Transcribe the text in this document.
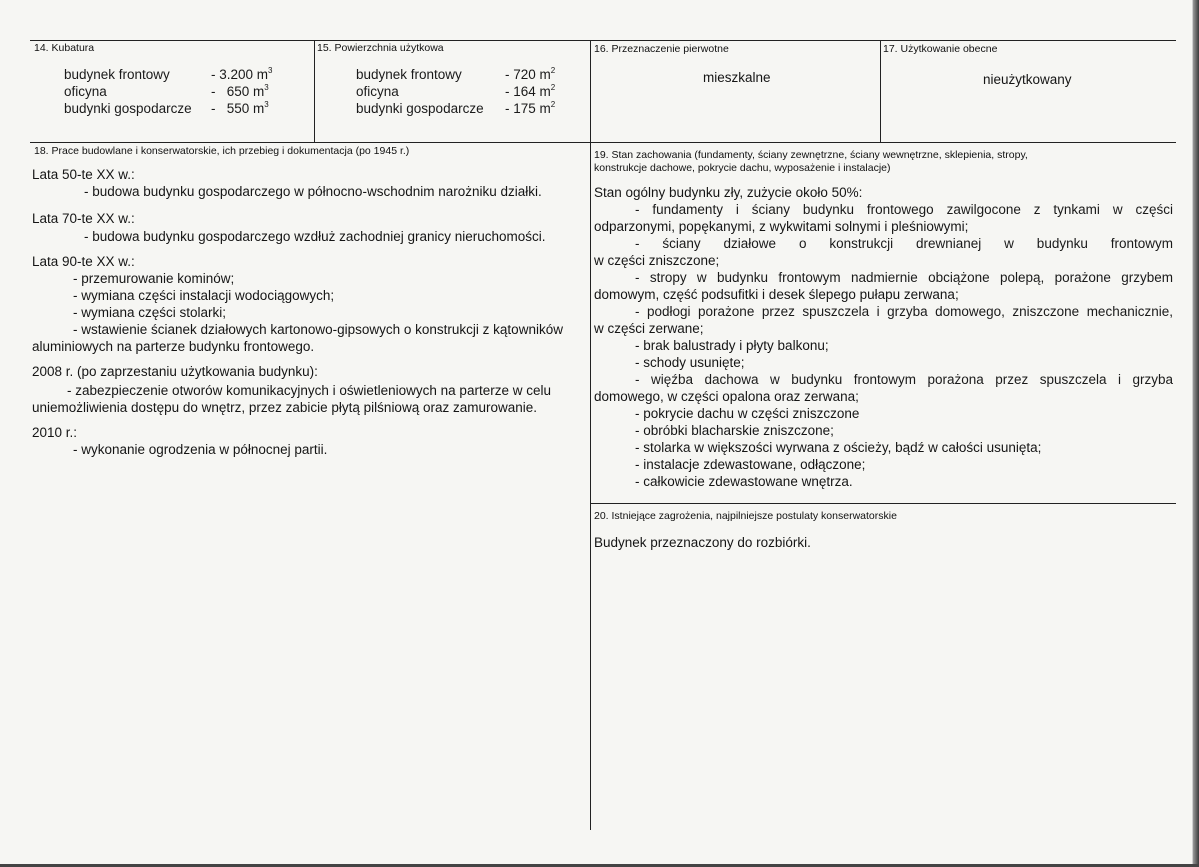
14. Kubatura
budynek frontowy
oficyna
budynki gospodarcze
- 3.200 $m^3$
-   650 $m^3$
-   550 $m^3$
15. Powierzchnia użytkowa
budynek frontowy
oficyna
budynki gospodarcze
- 720 $m^2$
- 164 $m^2$
- 175 $m^2$
16. Przeznaczenie pierwotne
mieszkalne
17. Użytkowanie obecne
nieużytkowany
18. Prace budowlane i konserwatorskie, ich przebieg i dokumentacja (po 1945 r.)
Lata 50-te XX w.:
- budowa budynku gospodarczego w północno-wschodnim narożniku działki.
Lata 70-te XX w.:
- budowa budynku gospodarczego wzdłuż zachodniej granicy nieruchomości.
Lata 90-te XX w.:
- przemurowanie kominów;
- wymiana części instalacji wodociągowych;
- wymiana części stolarki;
- wstawienie ścianek działowych kartonowo-gipsowych o konstrukcji z kątowników
aluminiowych na parterze budynku frontowego.
2008 r. (po zaprzestaniu użytkowania budynku):
- zabezpieczenie otworów komunikacyjnych i oświetleniowych na parterze w celu
uniemożliwienia dostępu do wnętrz, przez zabicie płytą pilśniową oraz zamurowanie.
2010 r.:
- wykonanie ogrodzenia w północnej partii.
19. Stan zachowania (fundamenty, ściany zewnętrzne, ściany wewnętrzne, sklepienia, stropy,
konstrukcje dachowe, pokrycie dachu, wyposażenie i instalacje)
Stan ogólny budynku zły, zużycie około 50%:
- fundamenty i ściany budynku frontowego zawilgocone z tynkami w części
odparzonymi, popękanymi, z wykwitami solnymi i pleśniowymi;
- ściany działowe o konstrukcji drewnianej w budynku frontowym
w części zniszczone;
- stropy w budynku frontowym nadmiernie obciążone polepą, porażone grzybem
domowym, część podsufitki i desek ślepego pułapu zerwana;
- podłogi porażone przez spuszczela i grzyba domowego, zniszczone mechanicznie,
w części zerwane;
- brak balustrady i płyty balkonu;
- schody usunięte;
- więźba dachowa w budynku frontowym porażona przez spuszczela i grzyba
domowego, w części opalona oraz zerwana;
- pokrycie dachu w części zniszczone
- obróbki blacharskie zniszczone;
- stolarka w większości wyrwana z ościeży, bądź w całości usunięta;
- instalacje zdewastowane, odłączone;
- całkowicie zdewastowane wnętrza.
20. Istniejące zagrożenia, najpilniejsze postulaty konserwatorskie
Budynek przeznaczony do rozbiórki.
